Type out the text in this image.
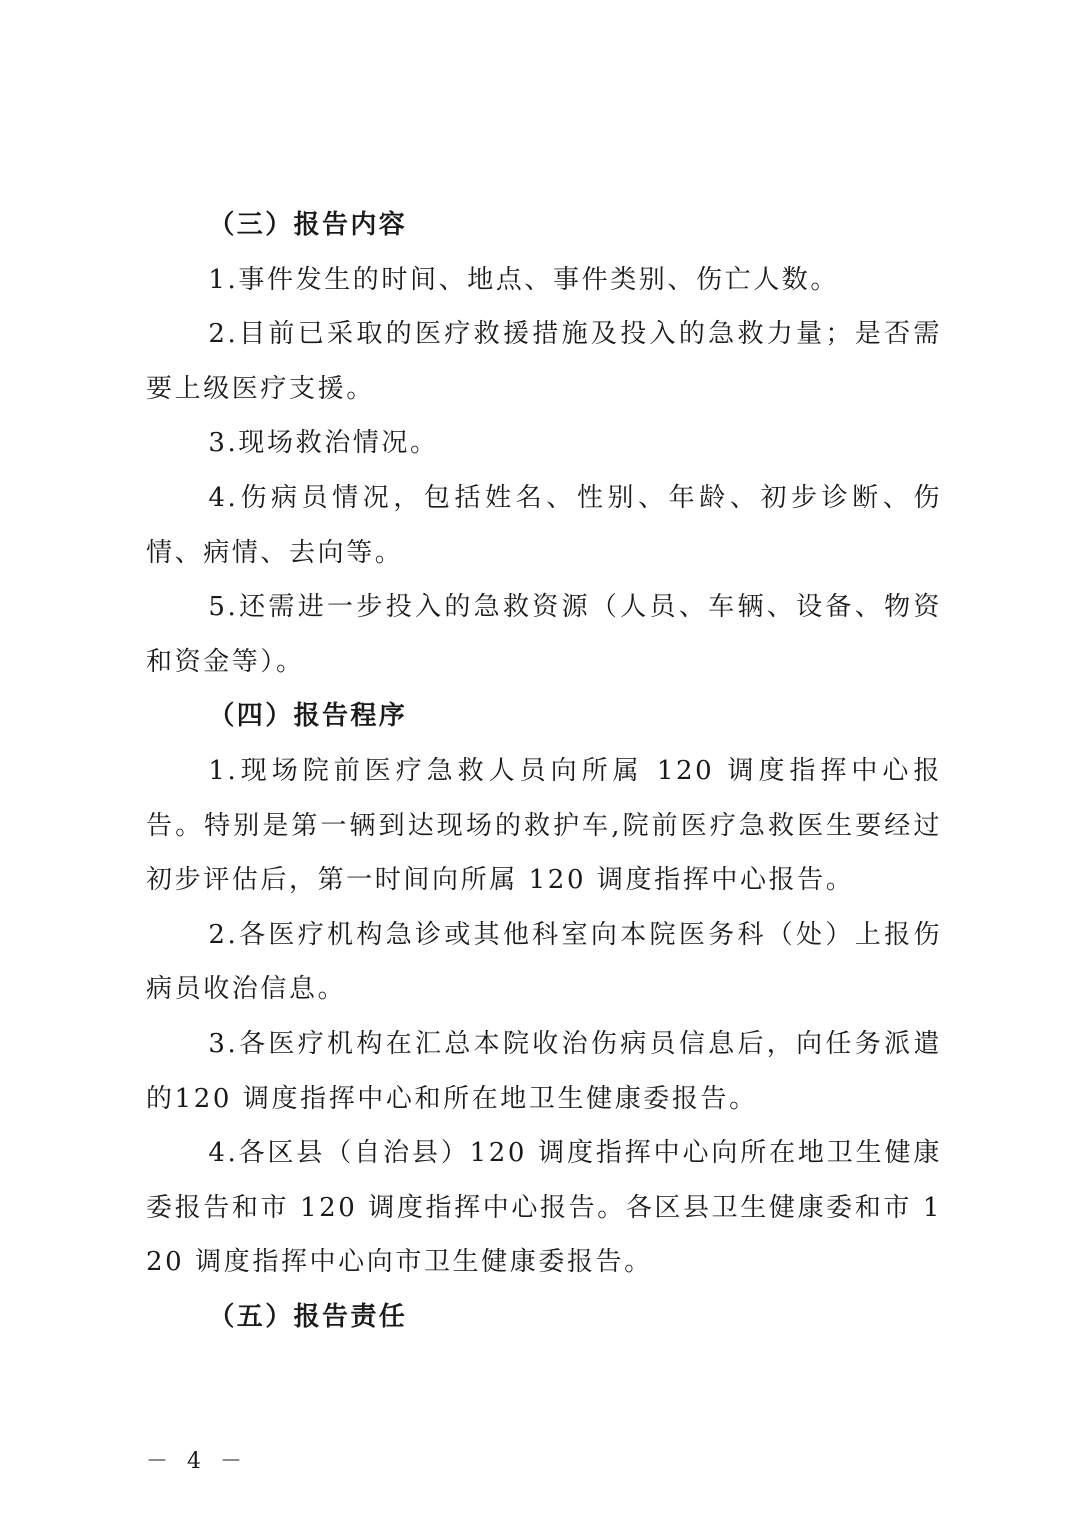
（三）报告内容

1.事件发生的时间、地点、事件类别、伤亡人数。

2.目前已采取的医疗救援措施及投入的急救力量；是否需要上级医疗支援。

3.现场救治情况。

4.伤病员情况，包括姓名、性别、年龄、初步诊断、伤情、病情、去向等。

5.还需进一步投入的急救资源（人员、车辆、设备、物资和资金等）。

（四）报告程序

1.现场院前医疗急救人员向所属 120 调度指挥中心报告。特别是第一辆到达现场的救护车,院前医疗急救医生要经过初步评估后，第一时间向所属 120 调度指挥中心报告。

2.各医疗机构急诊或其他科室向本院医务科（处）上报伤病员收治信息。

3.各医疗机构在汇总本院收治伤病员信息后，向任务派遣的120 调度指挥中心和所在地卫生健康委报告。

4.各区县（自治县）120 调度指挥中心向所在地卫生健康委报告和市 120 调度指挥中心报告。各区县卫生健康委和市 120 调度指挥中心向市卫生健康委报告。

（五）报告责任

－ 4 －
